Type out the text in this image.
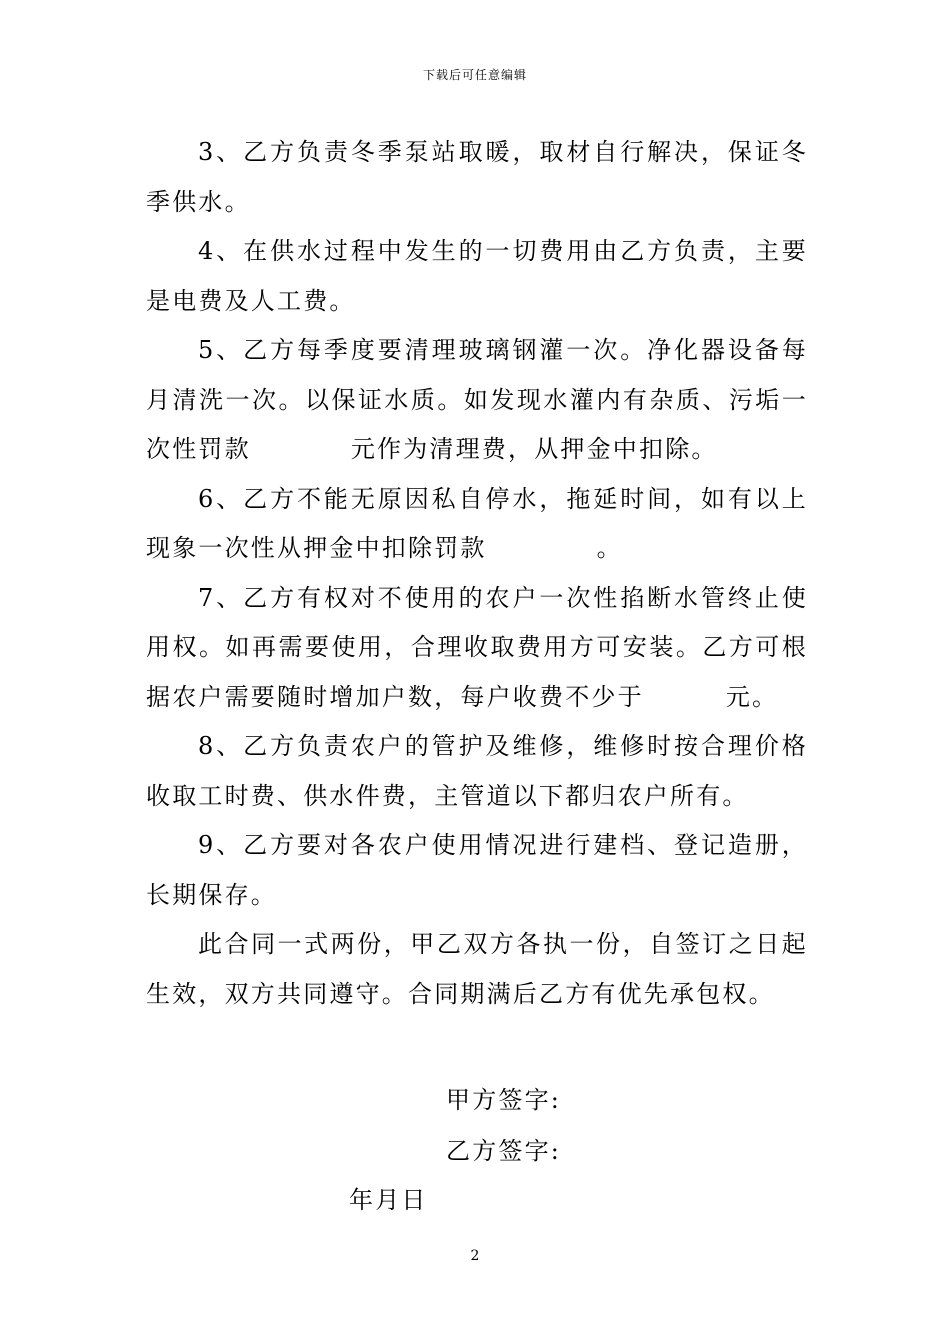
下载后可任意编辑

3、乙方负责冬季泵站取暖，取材自行解决，保证冬季供水。

4、在供水过程中发生的一切费用由乙方负责，主要是电费及人工费。

5、乙方每季度要清理玻璃钢灌一次。净化器设备每月清洗一次。以保证水质。如发现水灌内有杂质、污垢一次性罚款	元作为清理费，从押金中扣除。

6、乙方不能无原因私自停水，拖延时间，如有以上现象一次性从押金中扣除罚款	。

7、乙方有权对不使用的农户一次性掐断水管终止使用权。如再需要使用，合理收取费用方可安装。乙方可根据农户需要随时增加户数，每户收费不少于	元。

8、乙方负责农户的管护及维修，维修时按合理价格收取工时费、供水件费，主管道以下都归农户所有。

9、乙方要对各农户使用情况进行建档、登记造册，长期保存。

此合同一式两份，甲乙双方各执一份，自签订之日起生效，双方共同遵守。合同期满后乙方有优先承包权。

甲方签字:
乙方签字:
年月日
2
